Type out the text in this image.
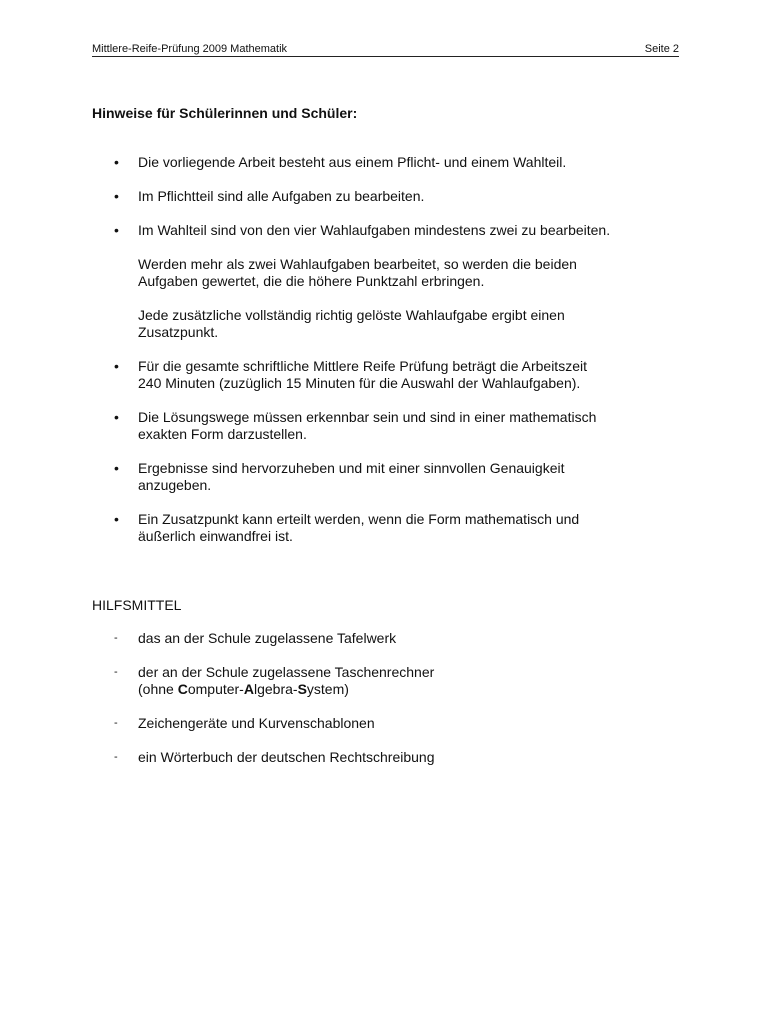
Mittlere-Reife-Prüfung 2009 Mathematik	Seite 2
Hinweise für Schülerinnen und Schüler:
• Die vorliegende Arbeit besteht aus einem Pflicht- und einem Wahlteil.

• Im Pflichtteil sind alle Aufgaben zu bearbeiten.

• Im Wahlteil sind von den vier Wahlaufgaben mindestens zwei zu bearbeiten.

Werden mehr als zwei Wahlaufgaben bearbeitet, so werden die beiden
Aufgaben gewertet, die die höhere Punktzahl erbringen.

Jede zusätzliche vollständig richtig gelöste Wahlaufgabe ergibt einen
Zusatzpunkt.

• Für die gesamte schriftliche Mittlere Reife Prüfung beträgt die Arbeitszeit
240 Minuten (zuzüglich 15 Minuten für die Auswahl der Wahlaufgaben).

• Die Lösungswege müssen erkennbar sein und sind in einer mathematisch
exakten Form darzustellen.

• Ergebnisse sind hervorzuheben und mit einer sinnvollen Genauigkeit
anzugeben.

• Ein Zusatzpunkt kann erteilt werden, wenn die Form mathematisch und
äußerlich einwandfrei ist.

HILFSMITTEL
- das an der Schule zugelassene Tafelwerk

- der an der Schule zugelassene Taschenrechner
(ohne Computer-Algebra-System)

- Zeichengeräte und Kurvenschablonen

- ein Wörterbuch der deutschen Rechtschreibung
